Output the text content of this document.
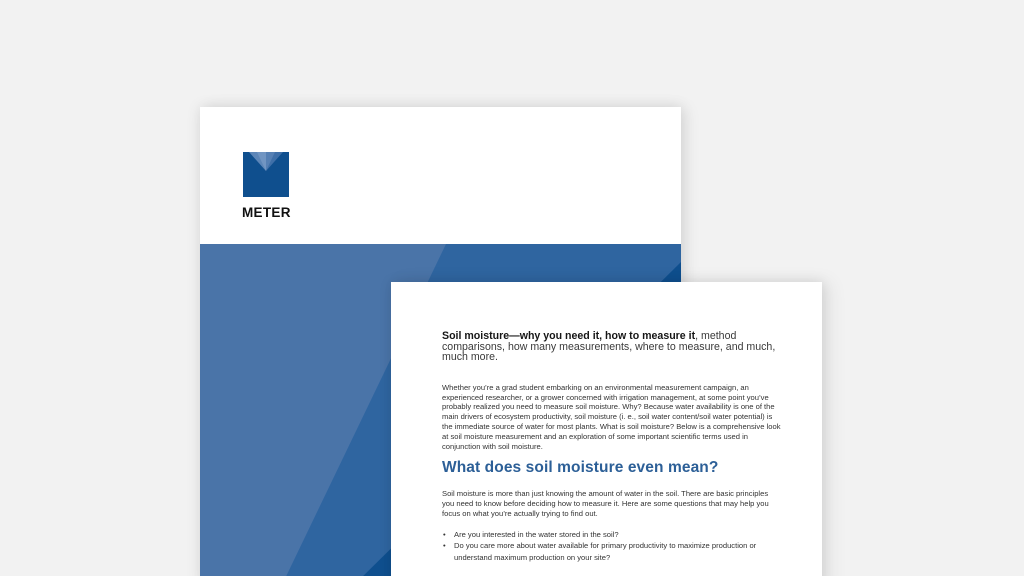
METER

Soil moisture—why you need it, how to measure it, method comparisons, how many measurements, where to measure, and much, much more.

Whether you’re a grad student embarking on an environmental measurement campaign, an experienced researcher, or a grower concerned with irrigation management, at some point you’ve probably realized you need to measure soil moisture. Why? Because water availability is one of the main drivers of ecosystem productivity, soil moisture (i. e., soil water content/soil water potential) is the immediate source of water for most plants. What is soil moisture? Below is a comprehensive look at soil moisture measurement and an exploration of some important scientific terms used in conjunction with soil moisture.

What does soil moisture even mean?

Soil moisture is more than just knowing the amount of water in the soil. There are basic principles you need to know before deciding how to measure it. Here are some questions that may help you focus on what you’re actually trying to find out.

• Are you interested in the water stored in the soil?
• Do you care more about water available for primary productivity to maximize production or understand maximum production on your site?
